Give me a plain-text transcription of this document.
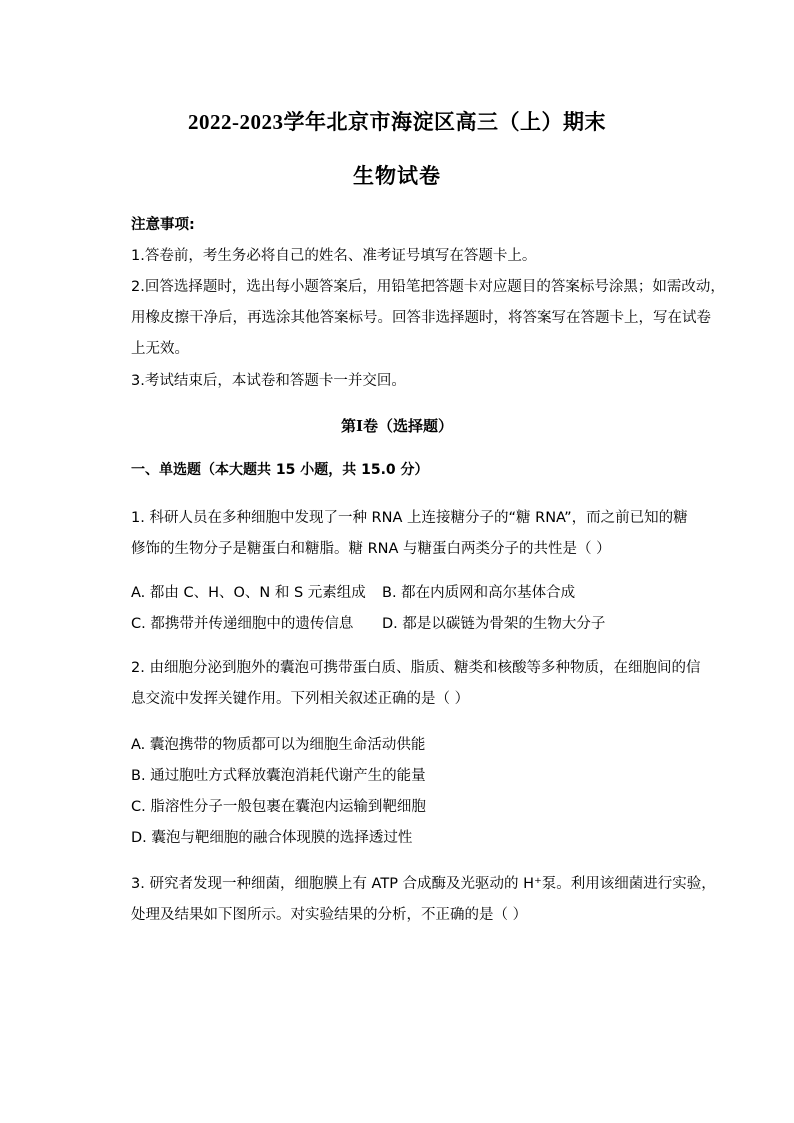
2022-2023学年北京市海淀区高三（上）期末
生物试卷
注意事项:
1.答卷前，考生务必将自己的姓名、准考证号填写在答题卡上。
2.回答选择题时，选出每小题答案后，用铅笔把答题卡对应题目的答案标号涂黑；如需改动，
用橡皮擦干净后，再选涂其他答案标号。回答非选择题时，将答案写在答题卡上，写在试卷
上无效。
3.考试结束后，本试卷和答题卡一并交回。
第Ⅰ卷（选择题）
一、单选题（本大题共 15 小题，共 15.0 分）
1. 科研人员在多种细胞中发现了一种 RNA 上连接糖分子的“糖 RNA”，而之前已知的糖
修饰的生物分子是糖蛋白和糖脂。糖 RNA 与糖蛋白两类分子的共性是（ ）
A. 都由 C、H、O、N 和 S 元素组成 B. 都在内质网和高尔基体合成
C. 都携带并传递细胞中的遗传信息 D. 都是以碳链为骨架的生物大分子
2. 由细胞分泌到胞外的囊泡可携带蛋白质、脂质、糖类和核酸等多种物质，在细胞间的信
息交流中发挥关键作用。下列相关叙述正确的是（ ）
A. 囊泡携带的物质都可以为细胞生命活动供能
B. 通过胞吐方式释放囊泡消耗代谢产生的能量
C. 脂溶性分子一般包裹在囊泡内运输到靶细胞
D. 囊泡与靶细胞的融合体现膜的选择透过性
3. 研究者发现一种细菌，细胞膜上有 ATP 合成酶及光驱动的 H⁺泵。利用该细菌进行实验，
处理及结果如下图所示。对实验结果的分析，不正确的是（ ）
